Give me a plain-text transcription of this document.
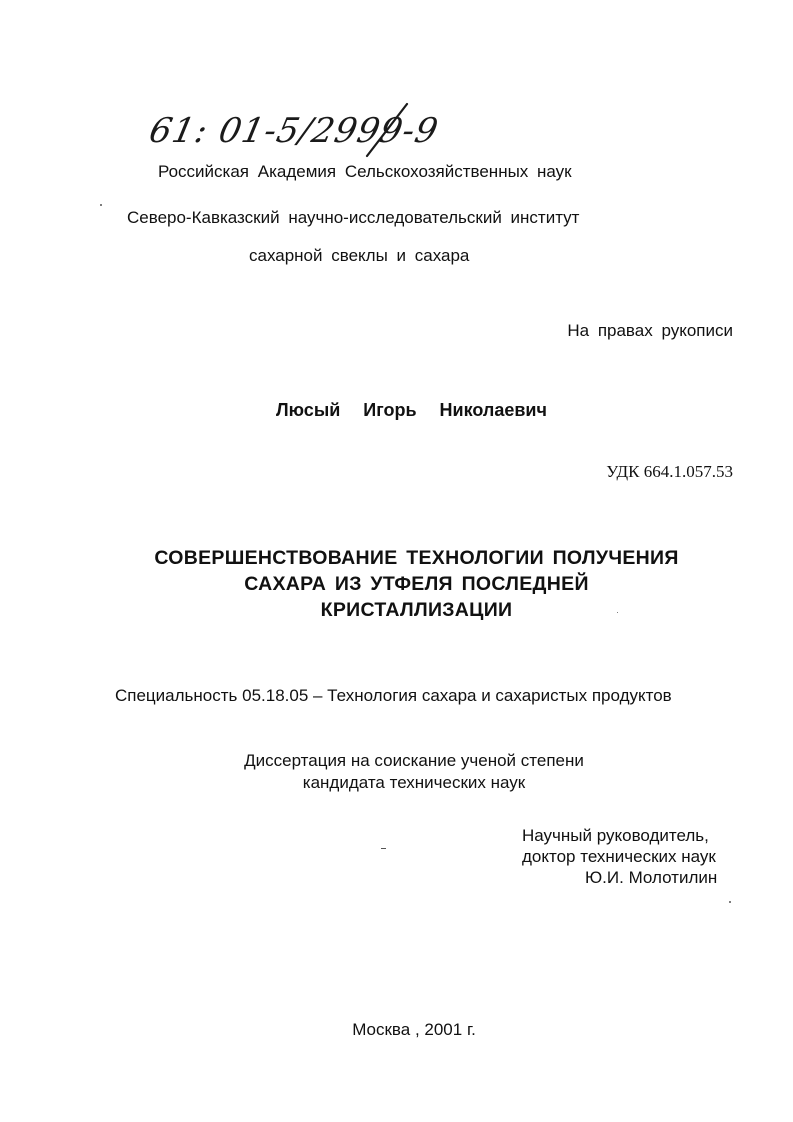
61: 01-5/2999-9
Российская Академия Сельскохозяйственных наук
Северо-Кавказский научно-исследовательский институт
сахарной свеклы и сахара
На правах рукописи
Люсый Игорь Николаевич
УДК 664.1.057.53
СОВЕРШЕНСТВОВАНИЕ ТЕХНОЛОГИИ ПОЛУЧЕНИЯ
САХАРА ИЗ УТФЕЛЯ ПОСЛЕДНЕЙ
КРИСТАЛЛИЗАЦИИ
Специальность 05.18.05 – Технология сахара и сахаристых продуктов
Диссертация на соискание ученой степени
кандидата технических наук
Научный руководитель,
доктор технических наук
Ю.И. Молотилин
Москва , 2001 г.
